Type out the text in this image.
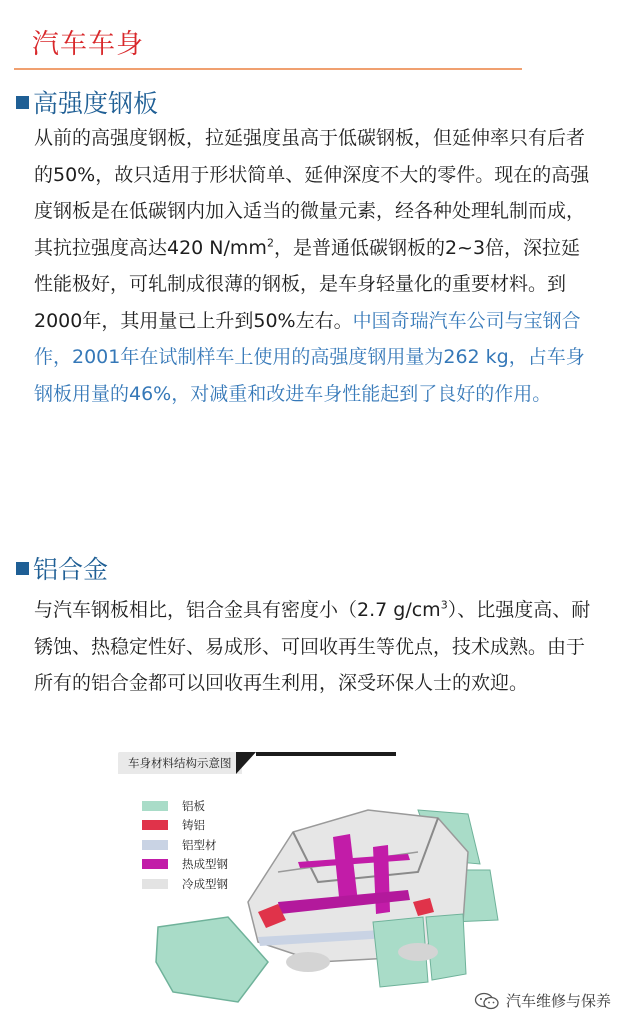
汽车车身
高强度钢板

从前的高强度钢板，拉延强度虽高于低碳钢板，但延伸率只有后者的50%，故只适用于形状简单、延伸深度不大的零件。现在的高强度钢板是在低碳钢内加入适当的微量元素，经各种处理轧制而成，其抗拉强度高达420 $N/mm^2$，是普通低碳钢板的2~3倍，深拉延性能极好，可轧制成很薄的钢板，是车身轻量化的重要材料。到2000年，其用量已上升到50%左右。中国奇瑞汽车公司与宝钢合作，2001年在试制样车上使用的高强度钢用量为262 kg，占车身钢板用量的46%，对减重和改进车身性能起到了良好的作用。

铝合金

与汽车钢板相比，铝合金具有密度小（2.7 $g/cm^3$）、比强度高、耐锈蚀、热稳定性好、易成形、可回收再生等优点，技术成熟。由于所有的铝合金都可以回收再生利用，深受环保人士的欢迎。

车身材料结构示意图
铝板
铸铝
铝型材
热成型钢
冷成型钢
汽车维修与保养
